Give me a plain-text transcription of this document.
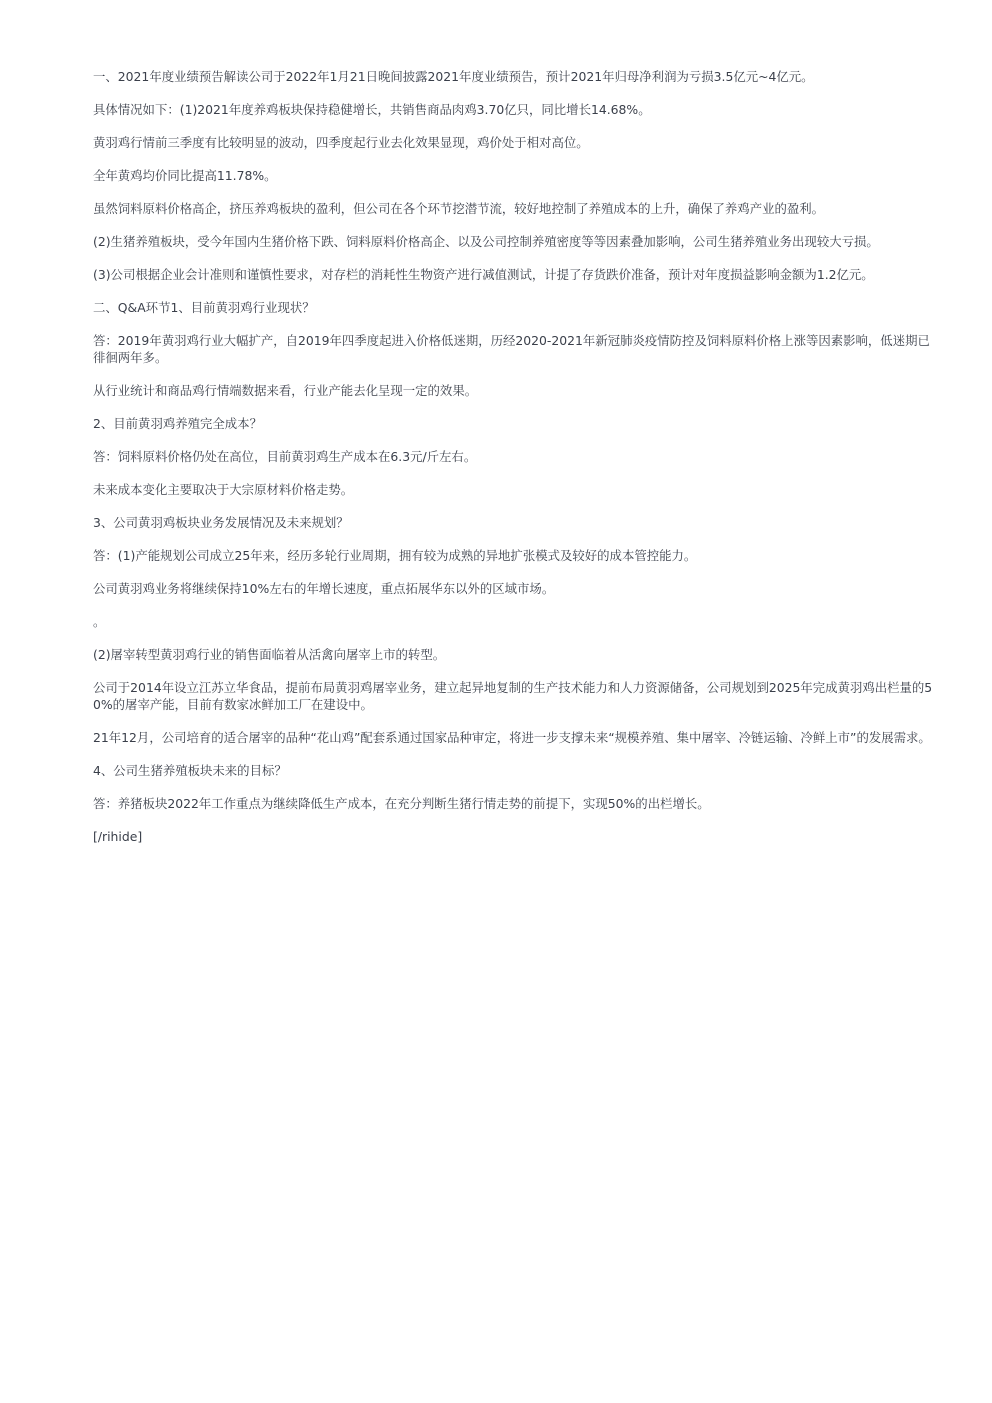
一、2021年度业绩预告解读公司于2022年1月21日晚间披露2021年度业绩预告，预计2021年归母净利润为亏损3.5亿元~4亿元。

具体情况如下：(1)2021年度养鸡板块保持稳健增长，共销售商品肉鸡3.70亿只，同比增长14.68%。

黄羽鸡行情前三季度有比较明显的波动，四季度起行业去化效果显现，鸡价处于相对高位。

全年黄鸡均价同比提高11.78%。

虽然饲料原料价格高企，挤压养鸡板块的盈利，但公司在各个环节挖潜节流，较好地控制了养殖成本的上升，确保了养鸡产业的盈利。

(2)生猪养殖板块，受今年国内生猪价格下跌、饲料原料价格高企、以及公司控制养殖密度等等因素叠加影响，公司生猪养殖业务出现较大亏损。

(3)公司根据企业会计准则和谨慎性要求，对存栏的消耗性生物资产进行减值测试，计提了存货跌价准备，预计对年度损益影响金额为1.2亿元。

二、Q&A环节1、目前黄羽鸡行业现状？

答：2019年黄羽鸡行业大幅扩产，自2019年四季度起进入价格低迷期，历经2020-2021年新冠肺炎疫情防控及饲料原料价格上涨等因素影响，低迷期已徘徊两年多。

从行业统计和商品鸡行情端数据来看，行业产能去化呈现一定的效果。

2、目前黄羽鸡养殖完全成本？

答：饲料原料价格仍处在高位，目前黄羽鸡生产成本在6.3元/斤左右。

未来成本变化主要取决于大宗原材料价格走势。

3、公司黄羽鸡板块业务发展情况及未来规划？

答：(1)产能规划公司成立25年来，经历多轮行业周期，拥有较为成熟的异地扩张模式及较好的成本管控能力。

公司黄羽鸡业务将继续保持10%左右的年增长速度，重点拓展华东以外的区域市场。

。

(2)屠宰转型黄羽鸡行业的销售面临着从活禽向屠宰上市的转型。

公司于2014年设立江苏立华食品，提前布局黄羽鸡屠宰业务，建立起异地复制的生产技术能力和人力资源储备，公司规划到2025年完成黄羽鸡出栏量的50%的屠宰产能，目前有数家冰鲜加工厂在建设中。

21年12月，公司培育的适合屠宰的品种“花山鸡”配套系通过国家品种审定，将进一步支撑未来“规模养殖、集中屠宰、冷链运输、冷鲜上市”的发展需求。

4、公司生猪养殖板块未来的目标？

答：养猪板块2022年工作重点为继续降低生产成本，在充分判断生猪行情走势的前提下，实现50%的出栏增长。

[/rihide]
